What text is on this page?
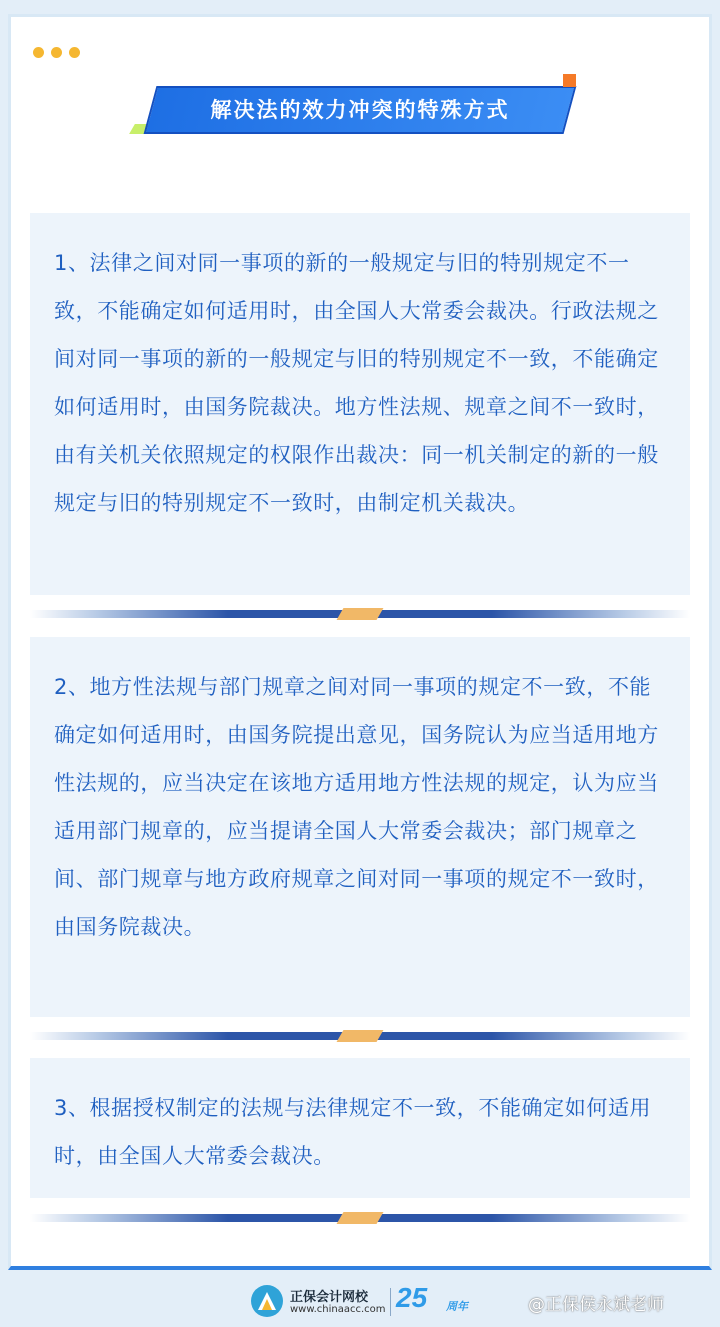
解决法的效力冲突的特殊方式

1、法律之间对同一事项的新的一般规定与旧的特别规定不一致，不能确定如何适用时，由全国人大常委会裁决。行政法规之间对同一事项的新的一般规定与旧的特别规定不一致，不能确定如何适用时，由国务院裁决。地方性法规、规章之间不一致时，由有关机关依照规定的权限作出裁决：同一机关制定的新的一般规定与旧的特别规定不一致时，由制定机关裁决。

2、地方性法规与部门规章之间对同一事项的规定不一致，不能确定如何适用时，由国务院提出意见，国务院认为应当适用地方性法规的，应当决定在该地方适用地方性法规的规定，认为应当适用部门规章的，应当提请全国人大常委会裁决；部门规章之间、部门规章与地方政府规章之间对同一事项的规定不一致时，由国务院裁决。

3、根据授权制定的法规与法律规定不一致，不能确定如何适用时，由全国人大常委会裁决。

正保会计网校
www.chinaacc.com 25 周年	@正保侯永斌老师
